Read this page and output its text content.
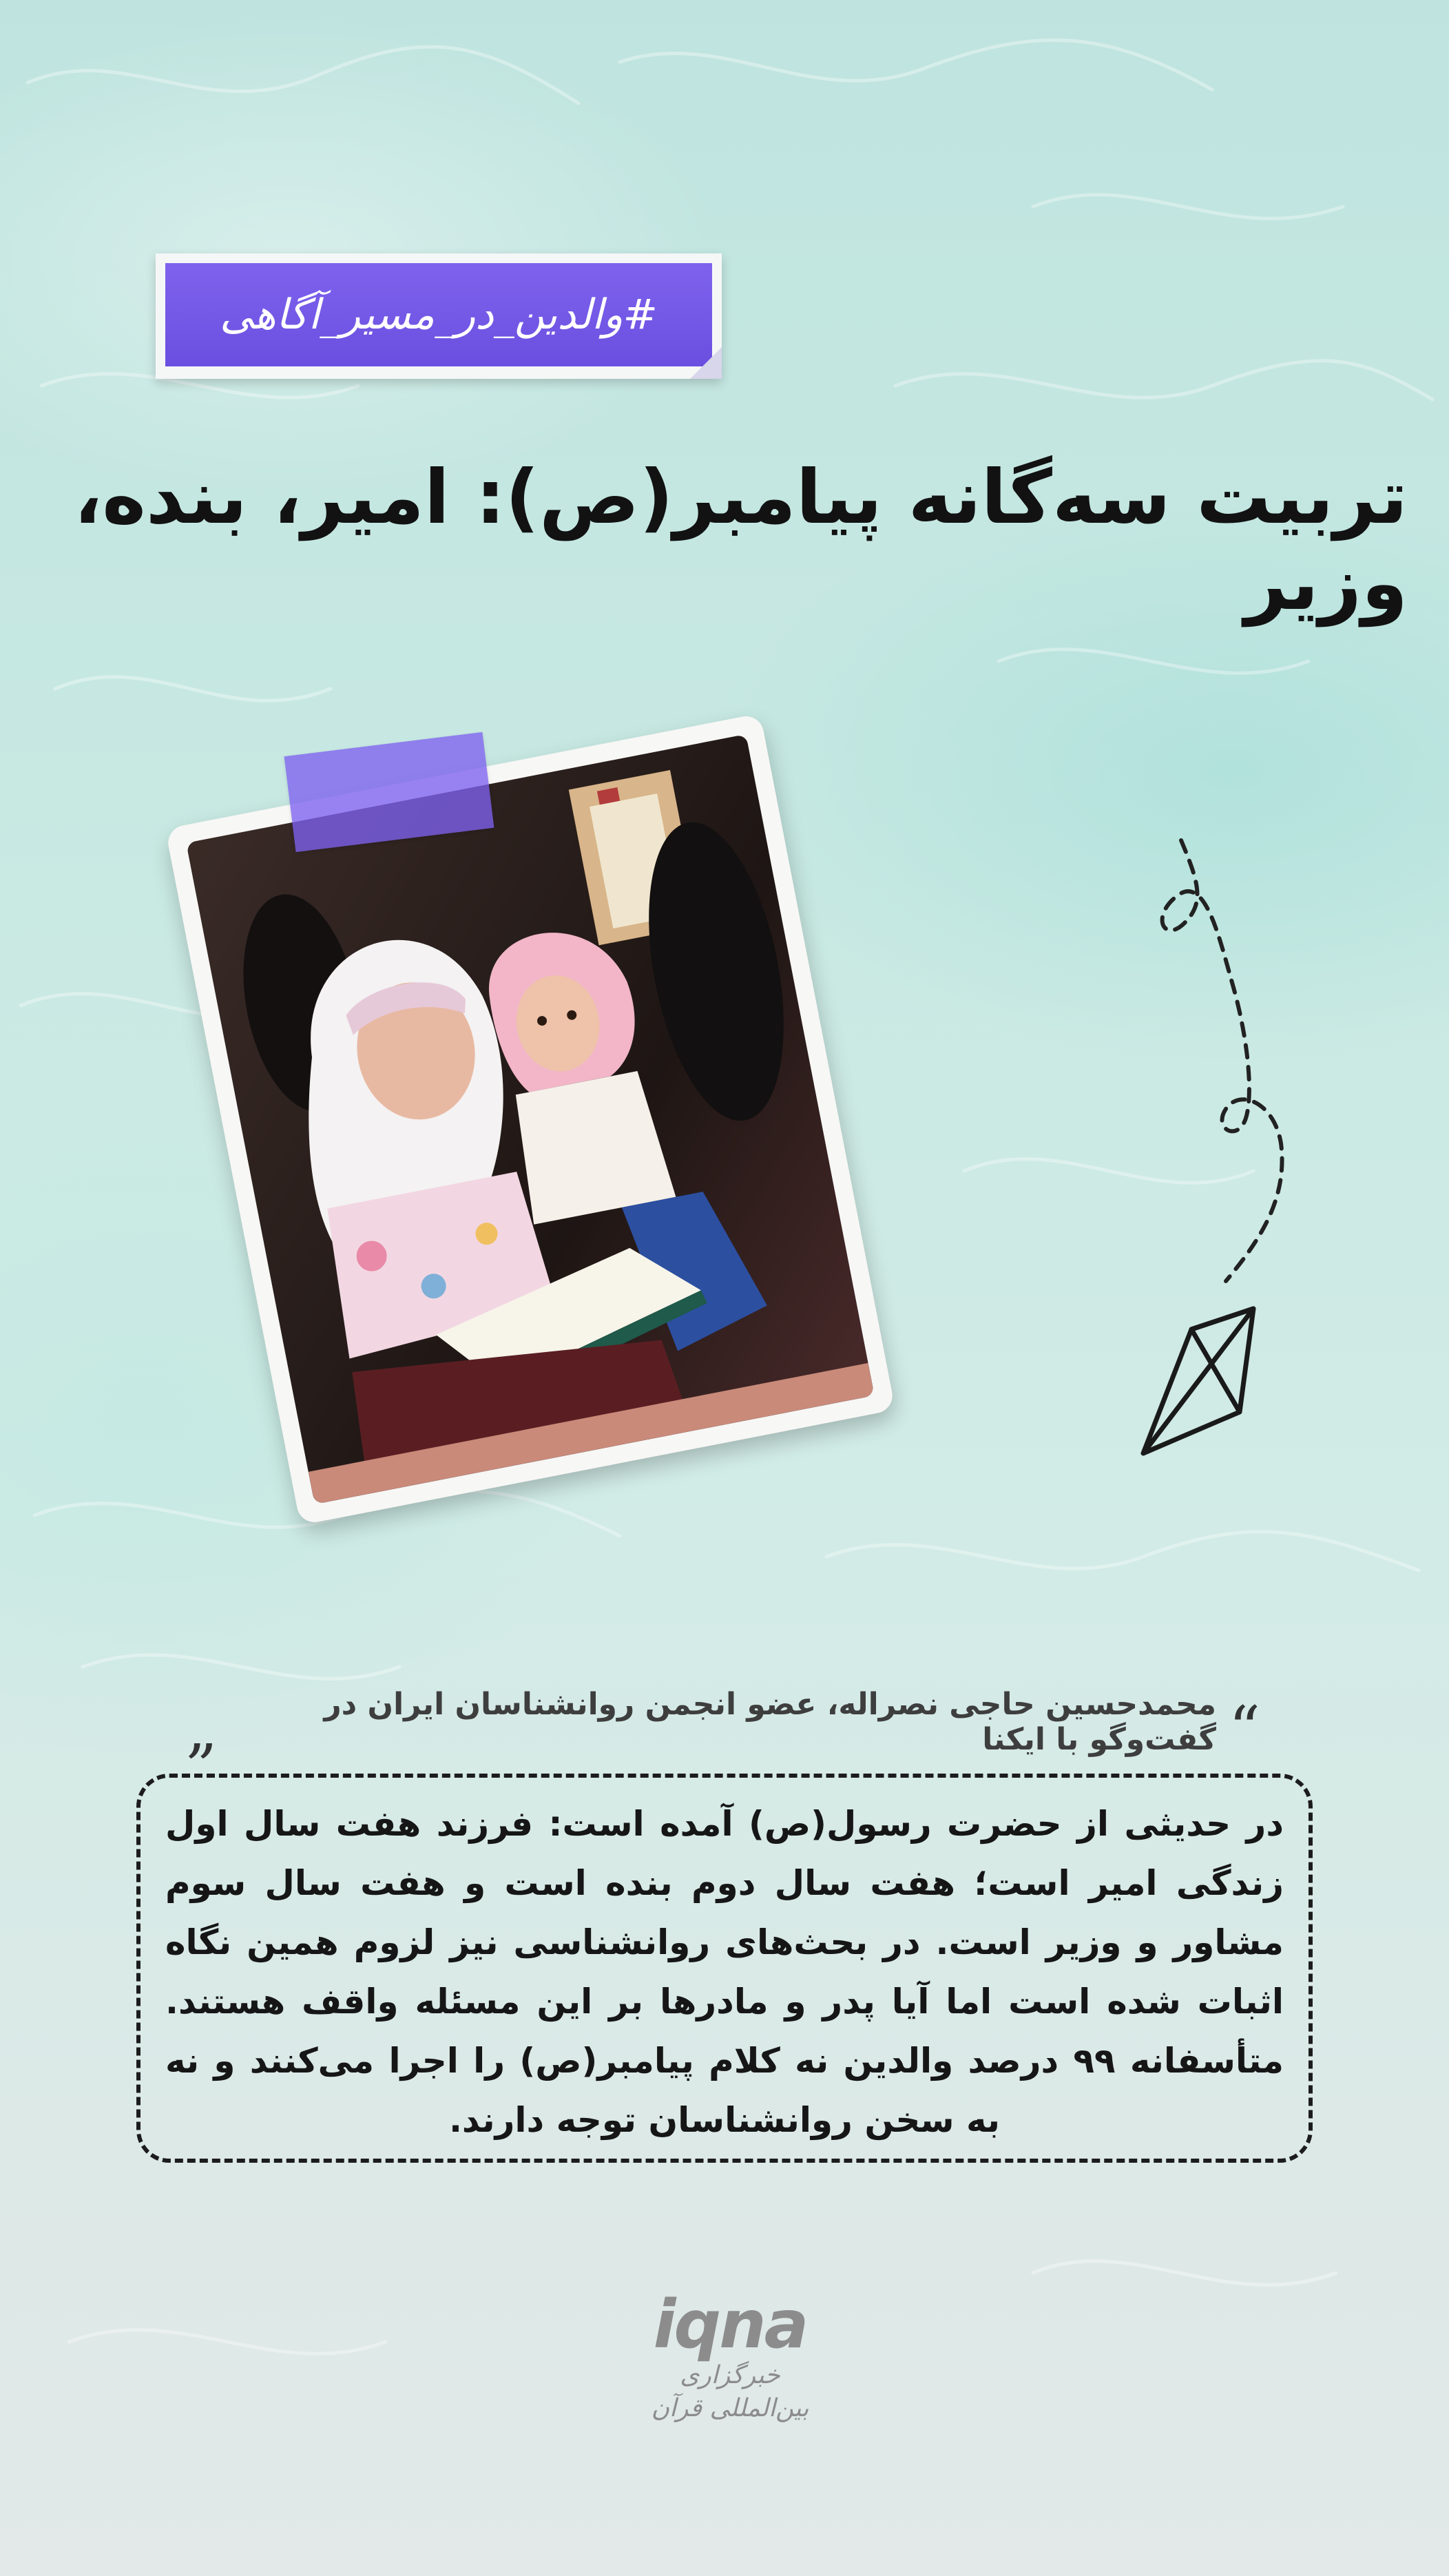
#والدین_در_مسیر_آگاهی
تربیت سه‌گانه پیامبر(ص): امیر، بنده، وزیر
“
محمدحسین حاجی نصراله، عضو انجمن روانشناسان ایران در گفت‌وگو با ایکنا
„
در حدیثی از حضرت رسول(ص) آمده است: فرزند هفت سال اول زندگی امیر است؛ هفت سال دوم بنده است و هفت سال سوم مشاور و وزیر است. در بحث‌های روانشناسی نیز لزوم همین نگاه اثبات شده است اما آیا پدر و مادرها بر این مسئله واقف هستند. متأسفانه ۹۹ درصد والدین نه کلام پیامبر(ص) را اجرا می‌کنند و نه به سخن روانشناسان توجه دارند.
iqna
خبرگزاری بین‌المللی قرآن
